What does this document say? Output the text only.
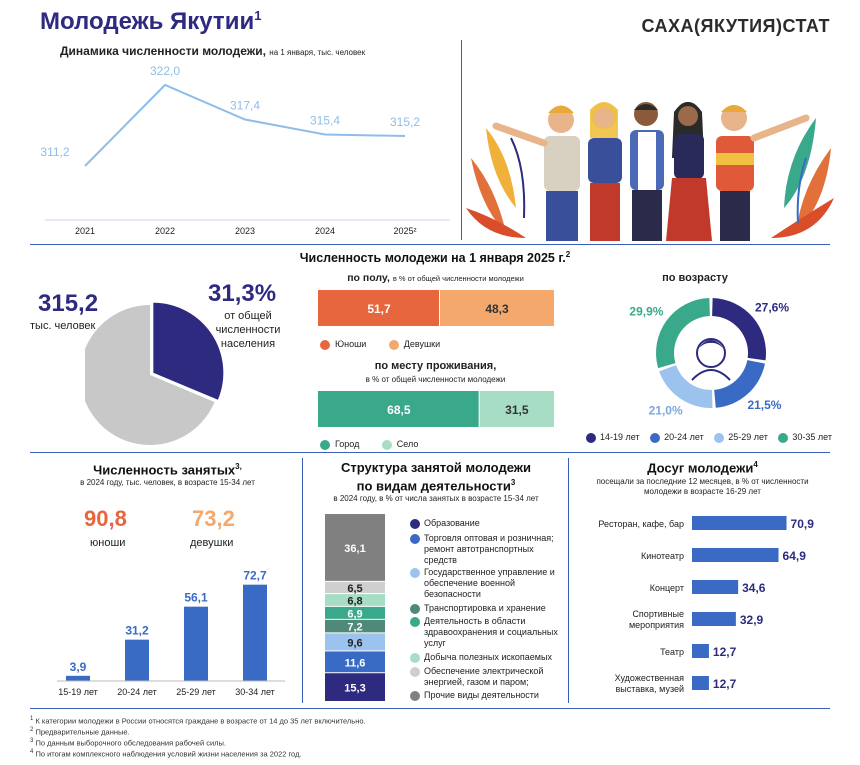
Молодежь Якутии$^1$
САХА(ЯКУТИЯ)СТАТ
Динамика численности молодежи, на 1 января, тыс. человек
311,2
322,0
317,4
315,4	315,2
2021	2022	2023	2024	2025²
Численность молодежи на 1 января 2025 г.$^2$
315,2
тыс. человек
31,3%
от общей численности населения
по полу, в % от общей численности молодежи
51,7	48,3
Юноши	Девушки
по месту проживания,
в % от общей численности молодежи
68,5	31,5
Город	Село
по возрасту
27,6%
21,5%
21,0%
29,9%
14-19 лет	20-24 лет	25-29 лет	30-35 лет
Численность занятых$^{3,}$
в 2024 году, тыс. человек, в возрасте 15-34 лет
90,8
юноши
73,2
девушки
3,9
15-19 лет
31,2
20-24 лет
56,1
25-29 лет
72,7
30-34 лет
Структура занятой молодежи
по видам деятельности$^3$
в 2024 году, в % от числа занятых в возрасте 15-34 лет
15,3
11,6
9,6
7,2
6,9
6,8
6,5
36,1
Образование
Торговля оптовая и розничная; ремонт автотранспортных средств
Государственное управление и обеспечение военной безопасности
Транспортировка и хранение
Деятельность в области здравоохранения и социальных услуг
Добыча полезных ископаемых
Обеспечение электрической энергией, газом и паром;
Прочие виды деятельности
Досуг молодежи$^4$
посещали за последние 12 месяцев, в % от численности
молодежи в возрасте 16-29 лет
70,9
Ресторан, кафе, бар
64,9
Кинотеатр
34,6
Концерт
32,9
Спортивные
мероприятия
12,7
Театр
12,7
Художественная
выставка, музей
$^1$ К категории молодежи в России относятся граждане в возрасте от 14 до 35 лет включительно.
$^2$ Предварительные данные.
$^3$ По данным выборочного обследования рабочей силы.
$^4$ По итогам комплексного наблюдения условий жизни населения за 2022 год.
